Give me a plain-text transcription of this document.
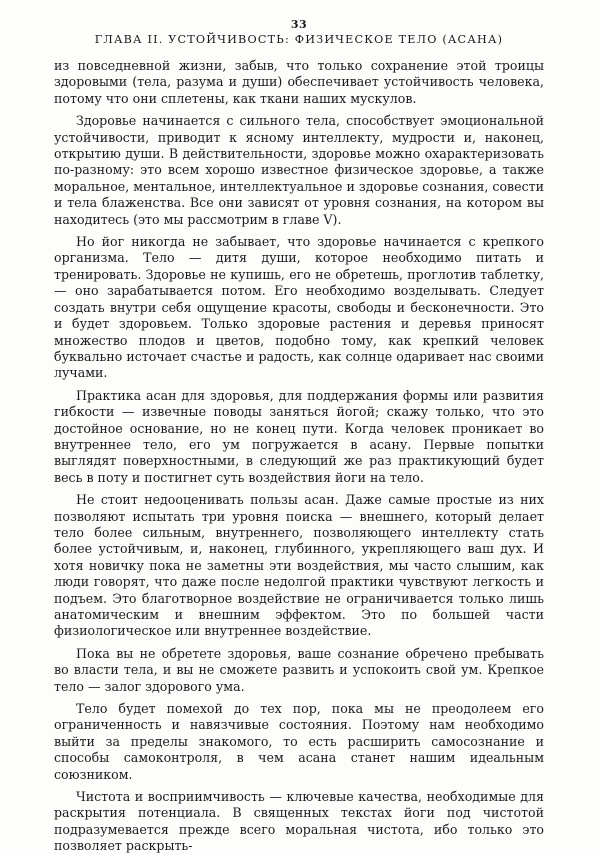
33
ГЛАВА II. УСТОЙЧИВОСТЬ: ФИЗИЧЕСКОЕ ТЕЛО (АСАНА)

из повседневной жизни, забыв, что только сохранение этой троицы здоровыми (тела, разума и души) обеспечивает устойчивость человека, потому что они сплетены, как ткани наших мускулов.

Здоровье начинается с сильного тела, способствует эмоциональной устойчивости, приводит к ясному интеллекту, мудрости и, наконец, открытию души. В действительности, здоровье можно охарактеризовать по-разному: это всем хорошо известное физическое здоровье, а также моральное, ментальное, интеллектуальное и здоровье сознания, совести и тела блаженства. Все они зависят от уровня сознания, на котором вы находитесь (это мы рассмотрим в главе V).

Но йог никогда не забывает, что здоровье начинается с крепкого организма. Тело — дитя души, которое необходимо питать и тренировать. Здоровье не купишь, его не обретешь, проглотив таблетку, — оно зарабатывается потом. Его необходимо возделывать. Следует создать внутри себя ощущение красоты, свободы и бесконечности. Это и будет здоровьем. Только здоровые растения и деревья приносят множество плодов и цветов, подобно тому, как крепкий человек буквально источает счастье и радость, как солнце одаривает нас своими лучами.

Практика асан для здоровья, для поддержания формы или развития гибкости — извечные поводы заняться йогой; скажу только, что это достойное основание, но не конец пути. Когда человек проникает во внутреннее тело, его ум погружается в асану. Первые попытки выглядят поверхностными, в следующий же раз практикующий будет весь в поту и постигнет суть воздействия йоги на тело.

Не стоит недооценивать пользы асан. Даже самые простые из них позволяют испытать три уровня поиска — внешнего, который делает тело более сильным, внутреннего, позволяющего интеллекту стать более устойчивым, и, наконец, глубинного, укрепляющего ваш дух. И хотя новичку пока не заметны эти воздействия, мы часто слышим, как люди говорят, что даже после недолгой практики чувствуют легкость и подъем. Это благотворное воздействие не ограничивается только лишь анатомическим и внешним эффектом. Это по большей части физиологическое или внутреннее воздействие.

Пока вы не обретете здоровья, ваше сознание обречено пребывать во власти тела, и вы не сможете развить и успокоить свой ум. Крепкое тело — залог здорового ума.

Тело будет помехой до тех пор, пока мы не преодолеем его ограниченность и навязчивые состояния. Поэтому нам необходимо выйти за пределы знакомого, то есть расширить самосознание и способы самоконтроля, в чем асана станет нашим идеальным союзником.

Чистота и восприимчивость — ключевые качества, необходимые для раскрытия потенциала. В священных текстах йоги под чистотой подразумевается прежде всего моральная чистота, ибо только это позволяет раскрыть-
